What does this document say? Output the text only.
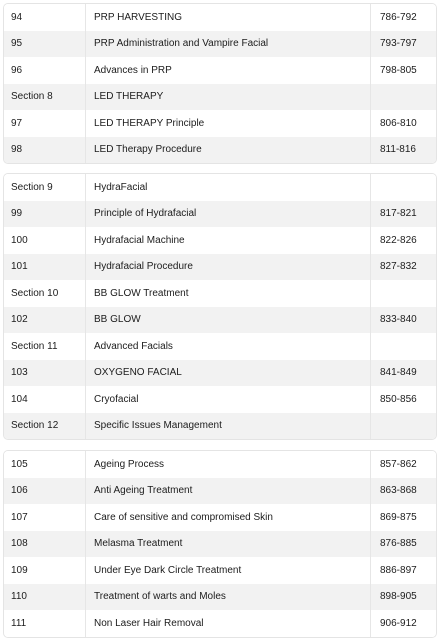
94	PRP HARVESTING	786-792
95	PRP Administration and Vampire Facial	793-797
96	Advances in PRP	798-805
Section 8	LED THERAPY
97	LED THERAPY Principle	806-810
98	LED Therapy Procedure	811-816
Section 9	HydraFacial
99	Principle of Hydrafacial	817-821
100	Hydrafacial Machine	822-826
101	Hydrafacial Procedure	827-832
Section 10	BB GLOW Treatment
102	BB GLOW	833-840
Section 11	Advanced Facials
103	OXYGENO FACIAL	841-849
104	Cryofacial	850-856
Section 12	Specific Issues Management
105	Ageing Process	857-862
106	Anti Ageing Treatment	863-868
107	Care of sensitive and compromised Skin	869-875
108	Melasma Treatment	876-885
109	Under Eye Dark Circle Treatment	886-897
110	Treatment of warts and Moles	898-905
111	Non Laser Hair Removal	906-912
